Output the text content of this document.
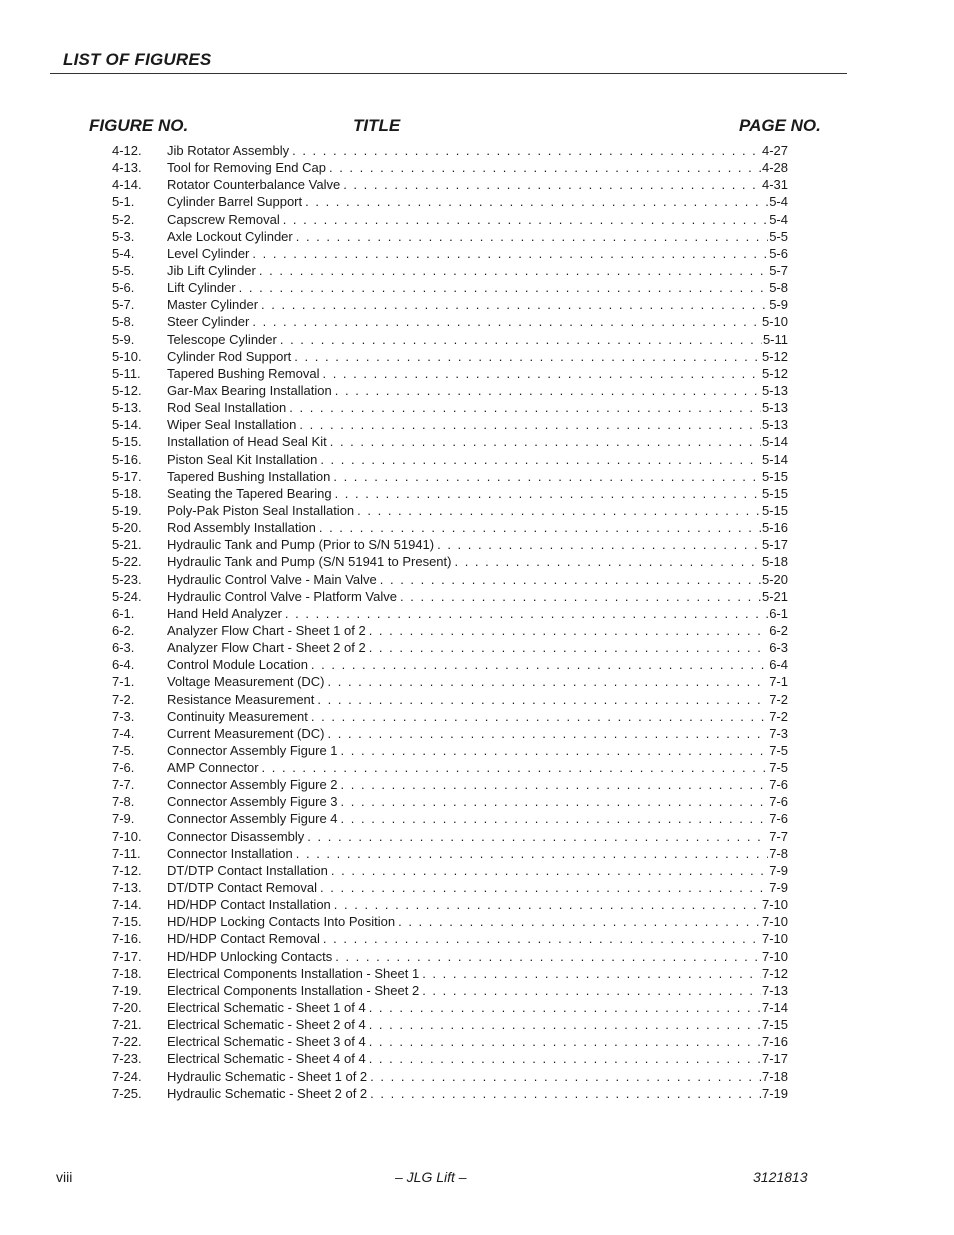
LIST OF FIGURES
FIGURE NO.	TITLE	PAGE NO.
4-12.	Jib Rotator Assembly . . .	4-27
4-13.	Tool for Removing End Cap . . .	4-28
4-14.	Rotator Counterbalance Valve . . .	4-31
5-1.	Cylinder Barrel Support . . .	5-4
5-2.	Capscrew Removal . . .	5-4
5-3.	Axle Lockout Cylinder . . .	5-5
5-4.	Level Cylinder . . .	5-6
5-5.	Jib Lift Cylinder . . .	5-7
5-6.	Lift Cylinder . . .	5-8
5-7.	Master Cylinder . . .	5-9
5-8.	Steer Cylinder . . .	5-10
5-9.	Telescope Cylinder . . .	5-11
5-10.	Cylinder Rod Support . . .	5-12
5-11.	Tapered Bushing Removal . . .	5-12
5-12.	Gar-Max Bearing Installation . . .	5-13
5-13.	Rod Seal Installation . . .	5-13
5-14.	Wiper Seal Installation . . .	5-13
5-15.	Installation of Head Seal Kit . . .	5-14
5-16.	Piston Seal Kit Installation . . .	5-14
5-17.	Tapered Bushing Installation . . .	5-15
5-18.	Seating the Tapered Bearing . . .	5-15
5-19.	Poly-Pak Piston Seal Installation . . .	5-15
5-20.	Rod Assembly Installation . . .	5-16
5-21.	Hydraulic Tank and Pump (Prior to S/N 51941) . . .	5-17
5-22.	Hydraulic Tank and Pump (S/N 51941 to Present) . . .	5-18
5-23.	Hydraulic Control Valve - Main Valve . . .	5-20
5-24.	Hydraulic Control Valve - Platform Valve . . .	5-21
6-1.	Hand Held Analyzer . . .	6-1
6-2.	Analyzer Flow Chart - Sheet 1 of 2 . . .	6-2
6-3.	Analyzer Flow Chart - Sheet 2 of 2 . . .	6-3
6-4.	Control Module Location . . .	6-4
7-1.	Voltage Measurement (DC) . . .	7-1
7-2.	Resistance Measurement . . .	7-2
7-3.	Continuity Measurement . . .	7-2
7-4.	Current Measurement (DC) . . .	7-3
7-5.	Connector Assembly Figure 1 . . .	7-5
7-6.	AMP Connector . . .	7-5
7-7.	Connector Assembly Figure 2 . . .	7-6
7-8.	Connector Assembly Figure 3 . . .	7-6
7-9.	Connector Assembly Figure 4 . . .	7-6
7-10.	Connector Disassembly . . .	7-7
7-11.	Connector Installation . . .	7-8
7-12.	DT/DTP Contact Installation . . .	7-9
7-13.	DT/DTP Contact Removal . . .	7-9
7-14.	HD/HDP Contact Installation . . .	7-10
7-15.	HD/HDP Locking Contacts Into Position . . .	7-10
7-16.	HD/HDP Contact Removal . . .	7-10
7-17.	HD/HDP Unlocking Contacts . . .	7-10
7-18.	Electrical Components Installation - Sheet 1 . . .	7-12
7-19.	Electrical Components Installation - Sheet 2 . . .	7-13
7-20.	Electrical Schematic - Sheet 1 of 4 . . .	7-14
7-21.	Electrical Schematic - Sheet 2 of 4 . . .	7-15
7-22.	Electrical Schematic - Sheet 3 of 4 . . .	7-16
7-23.	Electrical Schematic - Sheet 4 of 4 . . .	7-17
7-24.	Hydraulic Schematic - Sheet 1 of 2 . . .	7-18
7-25.	Hydraulic Schematic - Sheet 2 of 2 . . .	7-19
viii	– JLG Lift –	3121813
